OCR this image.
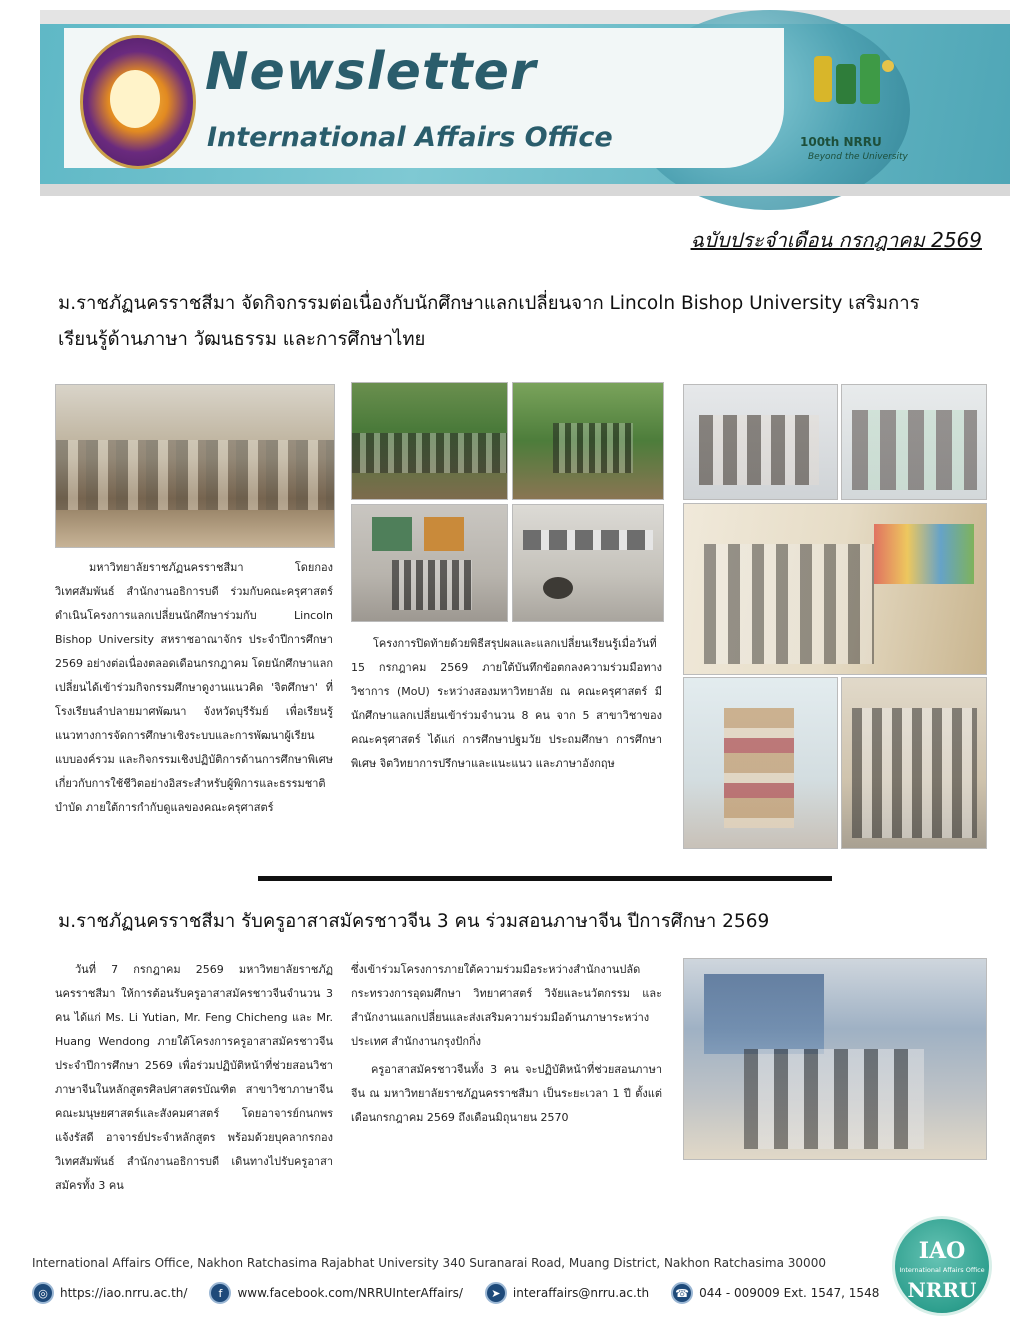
Newsletter
International Affairs Office	100th NRRU
Beyond the University
ฉบับประจำเดือน กรกฎาคม 2569
ม.ราชภัฏนครราชสีมา จัดกิจกรรมต่อเนื่องกับนักศึกษาแลกเปลี่ยนจาก Lincoln Bishop University เสริมการ
เรียนรู้ด้านภาษา วัฒนธรรม และการศึกษาไทย
มหาวิทยาลัยราชภัฏนครราชสีมา โดยกองวิเทศสัมพันธ์ สำนักงานอธิการบดี ร่วมกับคณะครุศาสตร์ ดำเนินโครงการแลกเปลี่ยนนักศึกษาร่วมกับ Lincoln Bishop University สหราชอาณาจักร ประจำปีการศึกษา 2569 อย่างต่อเนื่องตลอดเดือนกรกฎาคม โดยนักศึกษาแลกเปลี่ยนได้เข้าร่วมกิจกรรมศึกษาดูงานแนวคิด 'จิตศึกษา' ที่โรงเรียนลำปลายมาศพัฒนา จังหวัดบุรีรัมย์ เพื่อเรียนรู้แนวทางการจัดการศึกษาเชิงระบบและการพัฒนาผู้เรียนแบบองค์รวม และกิจกรรมเชิงปฏิบัติการด้านการศึกษาพิเศษเกี่ยวกับการใช้ชีวิตอย่างอิสระสำหรับผู้พิการและธรรมชาติบำบัด ภายใต้การกำกับดูแลของคณะครุศาสตร์
โครงการปิดท้ายด้วยพิธีสรุปผลและแลกเปลี่ยนเรียนรู้เมื่อวันที่ 15 กรกฎาคม 2569 ภายใต้บันทึกข้อตกลงความร่วมมือทางวิชาการ (MoU) ระหว่างสองมหาวิทยาลัย ณ คณะครุศาสตร์ มีนักศึกษาแลกเปลี่ยนเข้าร่วมจำนวน 8 คน จาก 5 สาขาวิชาของคณะครุศาสตร์ ได้แก่ การศึกษาปฐมวัย ประถมศึกษา การศึกษาพิเศษ จิตวิทยาการปรึกษาและแนะแนว และภาษาอังกฤษ
ม.ราชภัฏนครราชสีมา รับครูอาสาสมัครชาวจีน 3 คน ร่วมสอนภาษาจีน ปีการศึกษา 2569
วันที่ 7 กรกฎาคม 2569 มหาวิทยาลัยราชภัฏนครราชสีมา ให้การต้อนรับครูอาสาสมัครชาวจีนจำนวน 3 คน ได้แก่ Ms. Li Yutian, Mr. Feng Chicheng และ Mr. Huang Wendong ภายใต้โครงการครูอาสาสมัครชาวจีน ประจำปีการศึกษา 2569 เพื่อร่วมปฏิบัติหน้าที่ช่วยสอนวิชาภาษาจีนในหลักสูตรศิลปศาสตรบัณฑิต สาขาวิชาภาษาจีน คณะมนุษยศาสตร์และสังคมศาสตร์ โดยอาจารย์กนกพร แจ้งรัสดี อาจารย์ประจำหลักสูตร พร้อมด้วยบุคลากรกองวิเทศสัมพันธ์ สำนักงานอธิการบดี เดินทางไปรับครูอาสาสมัครทั้ง 3 คน
ซึ่งเข้าร่วมโครงการภายใต้ความร่วมมือระหว่างสำนักงานปลัดกระทรวงการอุดมศึกษา วิทยาศาสตร์ วิจัยและนวัตกรรม และสำนักงานแลกเปลี่ยนและส่งเสริมความร่วมมือด้านภาษาระหว่างประเทศ สำนักงานกรุงปักกิ่ง
ครูอาสาสมัครชาวจีนทั้ง 3 คน จะปฏิบัติหน้าที่ช่วยสอนภาษาจีน ณ มหาวิทยาลัยราชภัฏนครราชสีมา เป็นระยะเวลา 1 ปี ตั้งแต่เดือนกรกฎาคม 2569 ถึงเดือนมิถุนายน 2570
International Affairs Office, Nakhon Ratchasima Rajabhat University 340 Suranarai Road, Muang District, Nakhon Ratchasima 30000
◎	https://iao.nrru.ac.th/	f	www.facebook.com/NRRUInterAffairs/	➤	interaffairs@nrru.ac.th	☎ 044 - 009009 Ext. 1547, 1548
IAO
International Affairs Office
NRRU
